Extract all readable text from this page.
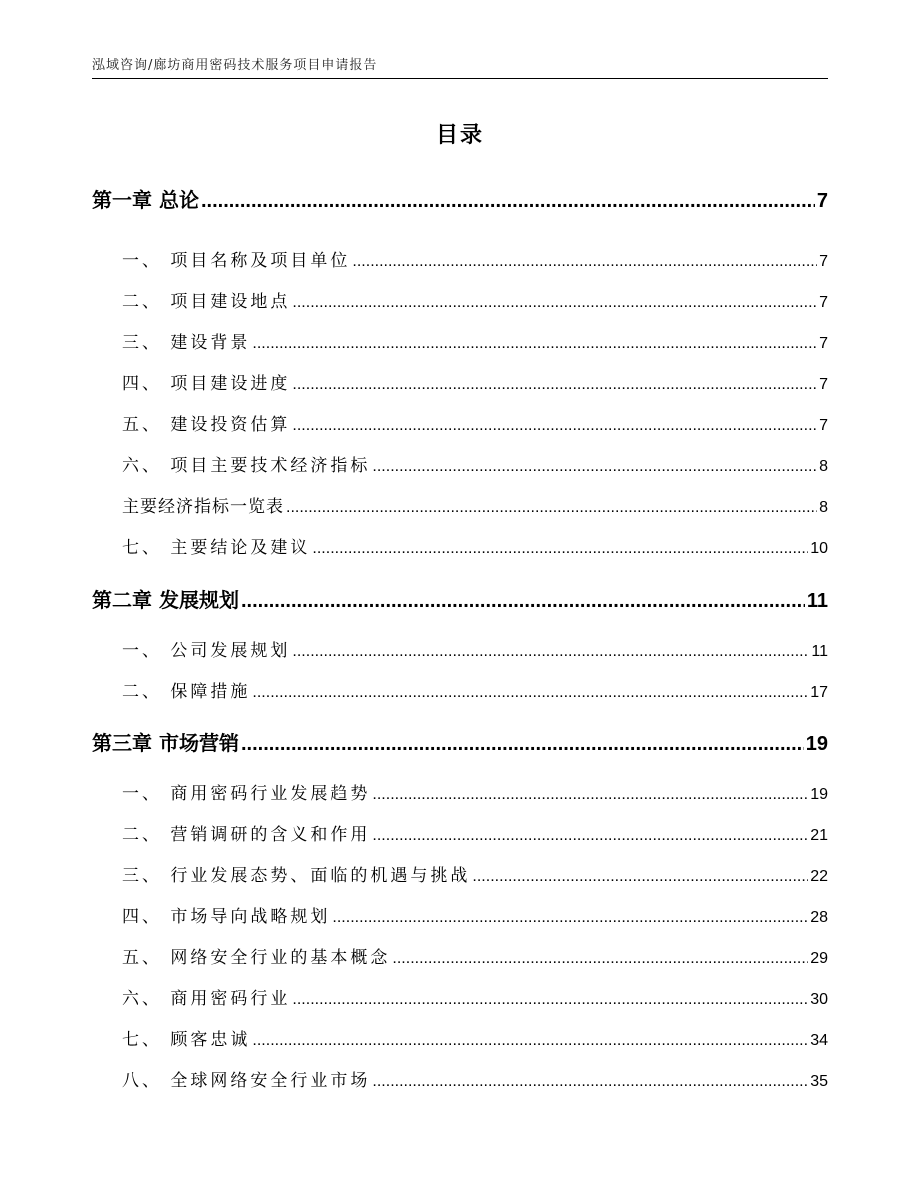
泓域咨询/廊坊商用密码技术服务项目申请报告
目录
第一章 总论 .....	7
一、 项目名称及项目单位 .....	7
二、 项目建设地点 .....	7
三、 建设背景 .....	7
四、 项目建设进度 .....	7
五、 建设投资估算 .....	7
六、 项目主要技术经济指标 .....	8
主要经济指标一览表 .....	8
七、 主要结论及建议 .....	10
第二章 发展规划 .....	11
一、 公司发展规划 .....	11
二、 保障措施 .....	17
第三章 市场营销 .....	19
一、 商用密码行业发展趋势 .....	19
二、 营销调研的含义和作用 .....	21
三、 行业发展态势、面临的机遇与挑战 .....	22
四、 市场导向战略规划 .....	28
五、 网络安全行业的基本概念 .....	29
六、 商用密码行业 .....	30
七、 顾客忠诚 .....	34
八、 全球网络安全行业市场 .....	35
